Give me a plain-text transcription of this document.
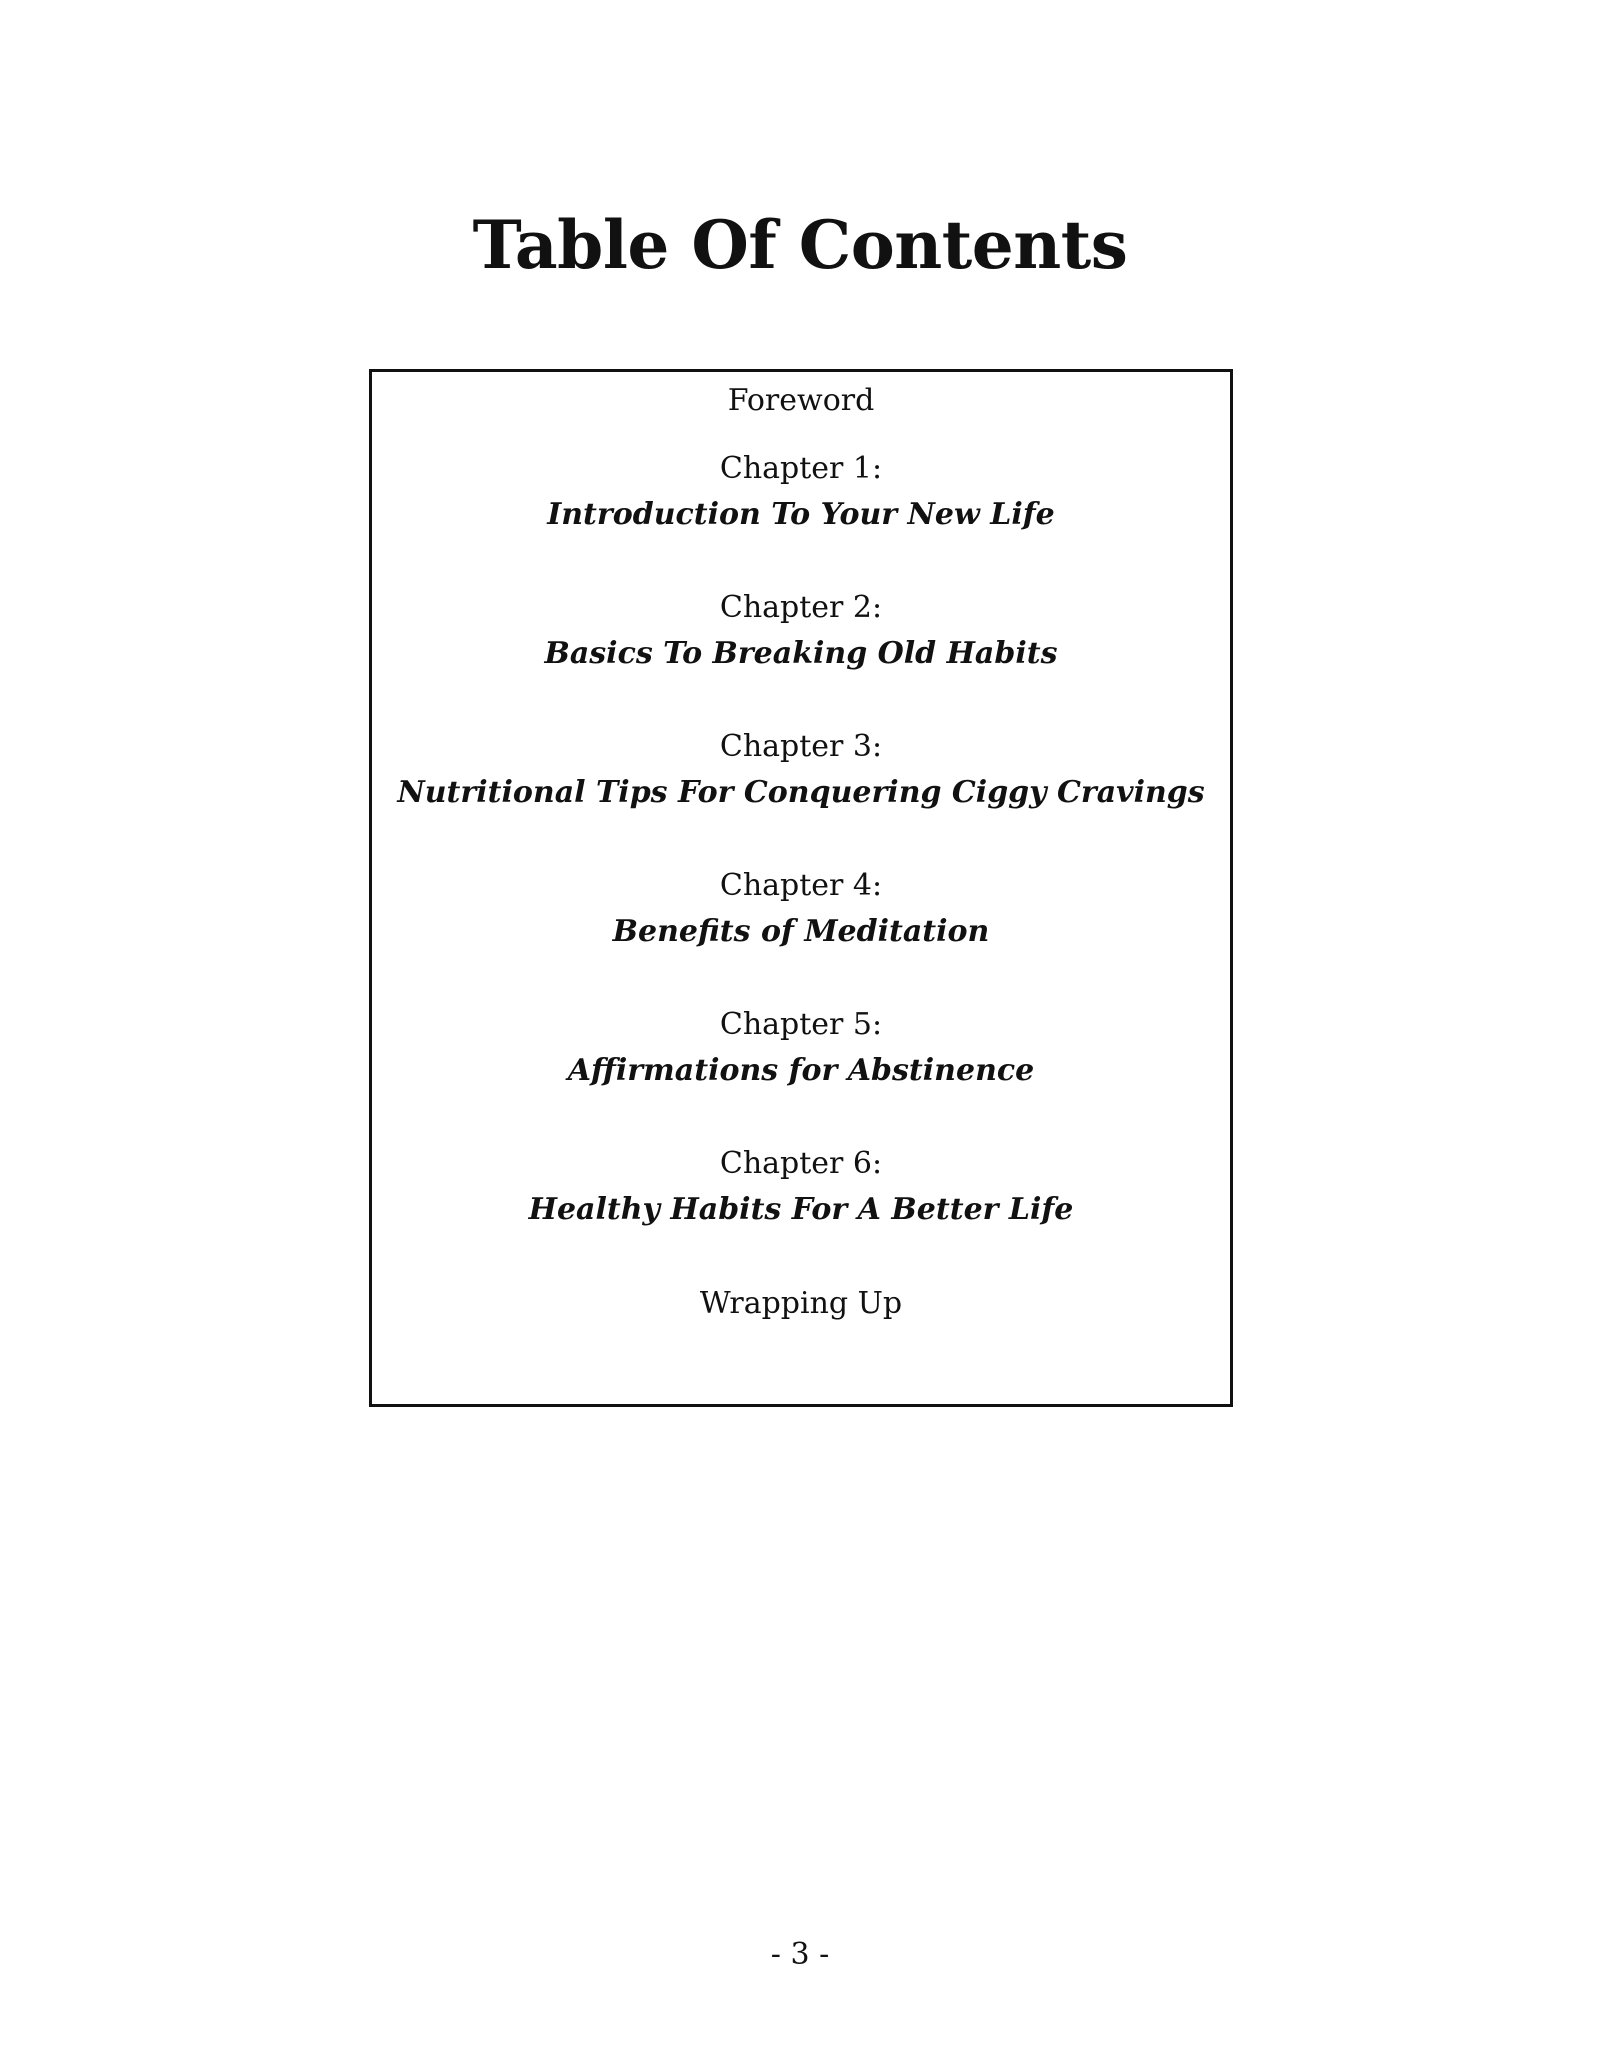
Table Of Contents
Foreword
Chapter 1:
Introduction To Your New Life
Chapter 2:
Basics To Breaking Old Habits
Chapter 3:
Nutritional Tips For Conquering Ciggy Cravings
Chapter 4:
Benefits of Meditation
Chapter 5:
Affirmations for Abstinence
Chapter 6:
Healthy Habits For A Better Life
Wrapping Up
- 3 -
